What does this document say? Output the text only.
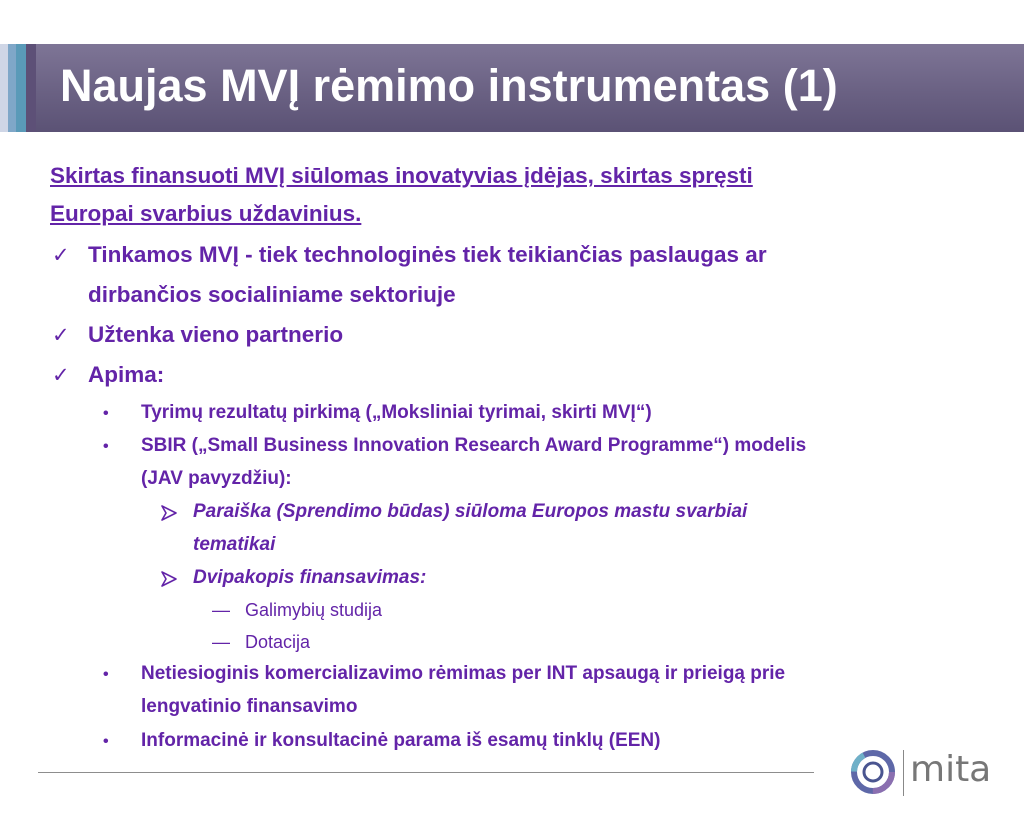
Naujas MVĮ rėmimo instrumentas (1)
Skirtas finansuoti MVĮ siūlomas inovatyvias įdėjas, skirtas spręsti
Europai svarbius uždavinius.
✓ Tinkamos MVĮ - tiek technologinės tiek teikiančias paslaugas ar
dirbančios socialiniame sektoriuje
✓ Užtenka vieno partnerio
✓ Apima:
• Tyrimų rezultatų pirkimą („Moksliniai tyrimai, skirti MVĮ“)
• SBIR („Small Business Innovation Research Award Programme“) modelis
(JAV pavyzdžiu):
Paraiška (Sprendimo būdas) siūloma Europos mastu svarbiai
tematikai
Dvipakopis finansavimas:
— Galimybių studija
— Dotacija
• Netiesioginis komercializavimo rėmimas per INT apsaugą ir prieigą prie
lengvatinio finansavimo
• Informacinė ir konsultacinė parama iš esamų tinklų (EEN)
mita
